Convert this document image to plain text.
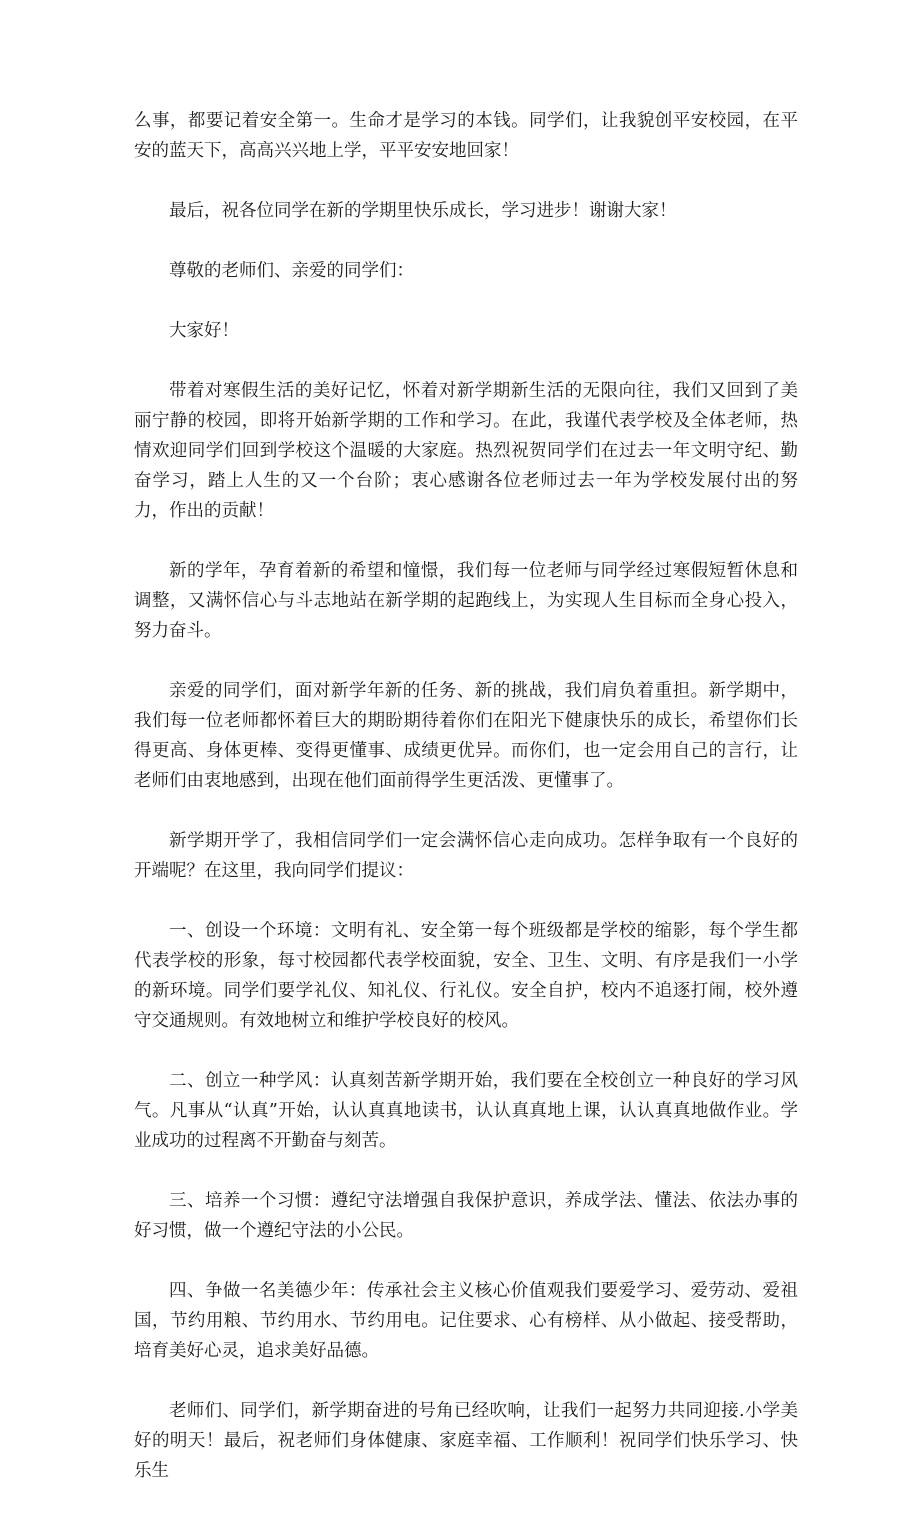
么事，都要记着安全第一。生命才是学习的本钱。同学们，让我貌创平安校园，在平安的蓝天下，高高兴兴地上学，平平安安地回家！

最后，祝各位同学在新的学期里快乐成长，学习进步！谢谢大家！

尊敬的老师们、亲爱的同学们：

大家好！

带着对寒假生活的美好记忆，怀着对新学期新生活的无限向往，我们又回到了美丽宁静的校园，即将开始新学期的工作和学习。在此，我谨代表学校及全体老师，热情欢迎同学们回到学校这个温暖的大家庭。热烈祝贺同学们在过去一年文明守纪、勤奋学习，踏上人生的又一个台阶；衷心感谢各位老师过去一年为学校发展付出的努力，作出的贡献！

新的学年，孕育着新的希望和憧憬，我们每一位老师与同学经过寒假短暂休息和调整，又满怀信心与斗志地站在新学期的起跑线上，为实现人生目标而全身心投入，努力奋斗。

亲爱的同学们，面对新学年新的任务、新的挑战，我们肩负着重担。新学期中，我们每一位老师都怀着巨大的期盼期待着你们在阳光下健康快乐的成长，希望你们长得更高、身体更棒、变得更懂事、成绩更优异。而你们，也一定会用自己的言行，让老师们由衷地感到，出现在他们面前得学生更活泼、更懂事了。

新学期开学了，我相信同学们一定会满怀信心走向成功。怎样争取有一个良好的开端呢？在这里，我向同学们提议：

一、创设一个环境：文明有礼、安全第一每个班级都是学校的缩影，每个学生都代表学校的形象，每寸校园都代表学校面貌，安全、卫生、文明、有序是我们一小学的新环境。同学们要学礼仪、知礼仪、行礼仪。安全自护，校内不追逐打闹，校外遵守交通规则。有效地树立和维护学校良好的校风。

二、创立一种学风：认真刻苦新学期开始，我们要在全校创立一种良好的学习风气。凡事从“认真”开始，认认真真地读书，认认真真地上课，认认真真地做作业。学业成功的过程离不开勤奋与刻苦。

三、培养一个习惯：遵纪守法增强自我保护意识，养成学法、懂法、依法办事的好习惯，做一个遵纪守法的小公民。

四、争做一名美德少年：传承社会主义核心价值观我们要爱学习、爱劳动、爱祖国，节约用粮、节约用水、节约用电。记住要求、心有榜样、从小做起、接受帮助，培育美好心灵，追求美好品德。

老师们、同学们，新学期奋进的号角已经吹响，让我们一起努力共同迎接.小学美好的明天！最后，祝老师们身体健康、家庭幸福、工作顺利！祝同学们快乐学习、快乐生
